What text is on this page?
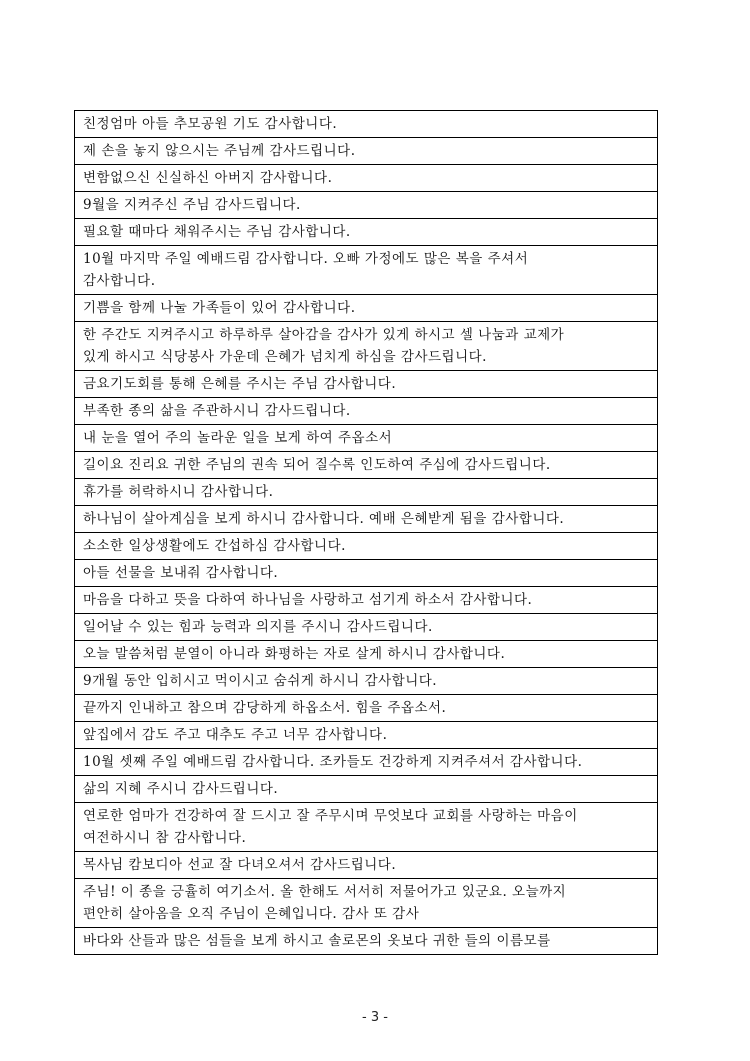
친정엄마 아들 추모공원 기도 감사합니다.
제 손을 놓지 않으시는 주님께 감사드립니다.
변함없으신 신실하신 아버지 감사합니다.
9월을 지켜주신 주님 감사드립니다.
필요할 때마다 채워주시는 주님 감사합니다.
10월 마지막 주일 예배드림 감사합니다. 오빠 가정에도 많은 복을 주셔서
감사합니다.
기쁨을 함께 나눌 가족들이 있어 감사합니다.
한 주간도 지켜주시고 하루하루 살아감을 감사가 있게 하시고 셀 나눔과 교제가
있게 하시고 식당봉사 가운데 은혜가 넘치게 하심을 감사드립니다.
금요기도회를 통해 은혜를 주시는 주님 감사합니다.
부족한 종의 삶을 주관하시니 감사드립니다.
내 눈을 열어 주의 놀라운 일을 보게 하여 주옵소서
길이요 진리요 귀한 주님의 권속 되어 질수록 인도하여 주심에 감사드립니다.
휴가를 허락하시니 감사합니다.
하나님이 살아계심을 보게 하시니 감사합니다. 예배 은혜받게 됨을 감사합니다.
소소한 일상생활에도 간섭하심 감사합니다.
아들 선물을 보내줘 감사합니다.
마음을 다하고 뜻을 다하여 하나님을 사랑하고 섬기게 하소서 감사합니다.
일어날 수 있는 힘과 능력과 의지를 주시니 감사드립니다.
오늘 말씀처럼 분열이 아니라 화평하는 자로 살게 하시니 감사합니다.
9개월 동안 입히시고 먹이시고 숨쉬게 하시니 감사합니다.
끝까지 인내하고 참으며 감당하게 하옵소서. 힘을 주옵소서.
앞집에서 감도 주고 대추도 주고 너무 감사합니다.
10월 셋째 주일 예배드림 감사합니다. 조카들도 건강하게 지켜주셔서 감사합니다.
삶의 지혜 주시니 감사드립니다.
연로한 엄마가 건강하여 잘 드시고 잘 주무시며 무엇보다 교회를 사랑하는 마음이
여전하시니 참 감사합니다.
목사님 캄보디아 선교 잘 다녀오셔서 감사드립니다.
주님! 이 종을 긍휼히 여기소서. 올 한해도 서서히 저물어가고 있군요. 오늘까지
편안히 살아옴을 오직 주님이 은혜입니다. 감사 또 감사
바다와 산들과 많은 섬들을 보게 하시고 솔로몬의 옷보다 귀한 들의 이름모를
- 3 -
